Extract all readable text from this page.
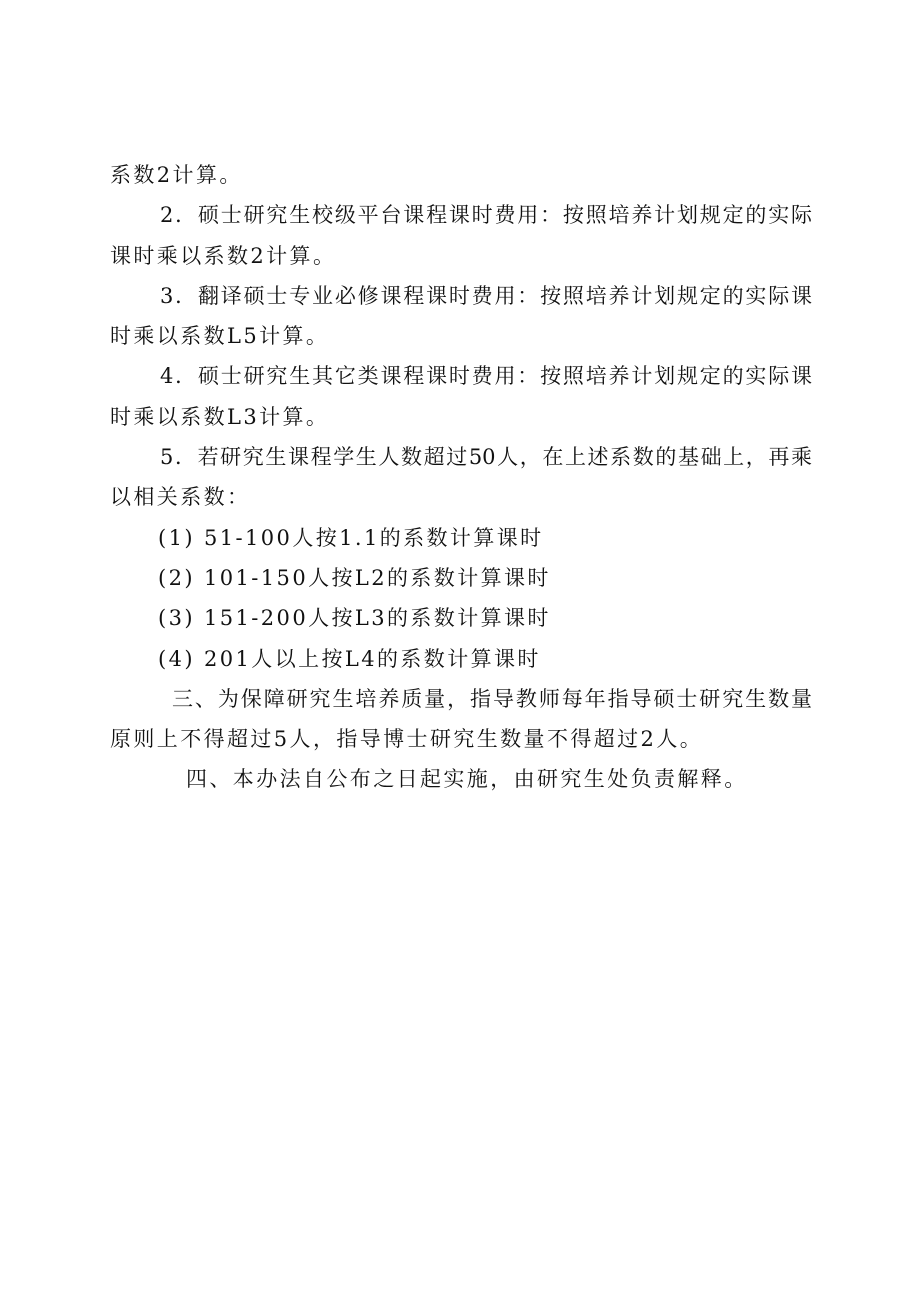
系数2计算。
2．硕士研究生校级平台课程课时费用：按照培养计划规定的实际
课时乘以系数2计算。
3．翻译硕士专业必修课程课时费用：按照培养计划规定的实际课
时乘以系数L5计算。
4．硕士研究生其它类课程课时费用：按照培养计划规定的实际课
时乘以系数L3计算。
5．若研究生课程学生人数超过50人，在上述系数的基础上，再乘
以相关系数：
(1) 51-100人按1.1的系数计算课时
(2) 101-150人按L2的系数计算课时
(3) 151-200人按L3的系数计算课时
(4) 201人以上按L4的系数计算课时
三、为保障研究生培养质量，指导教师每年指导硕士研究生数量
原则上不得超过5人，指导博士研究生数量不得超过2人。
四、本办法自公布之日起实施，由研究生处负责解释。
